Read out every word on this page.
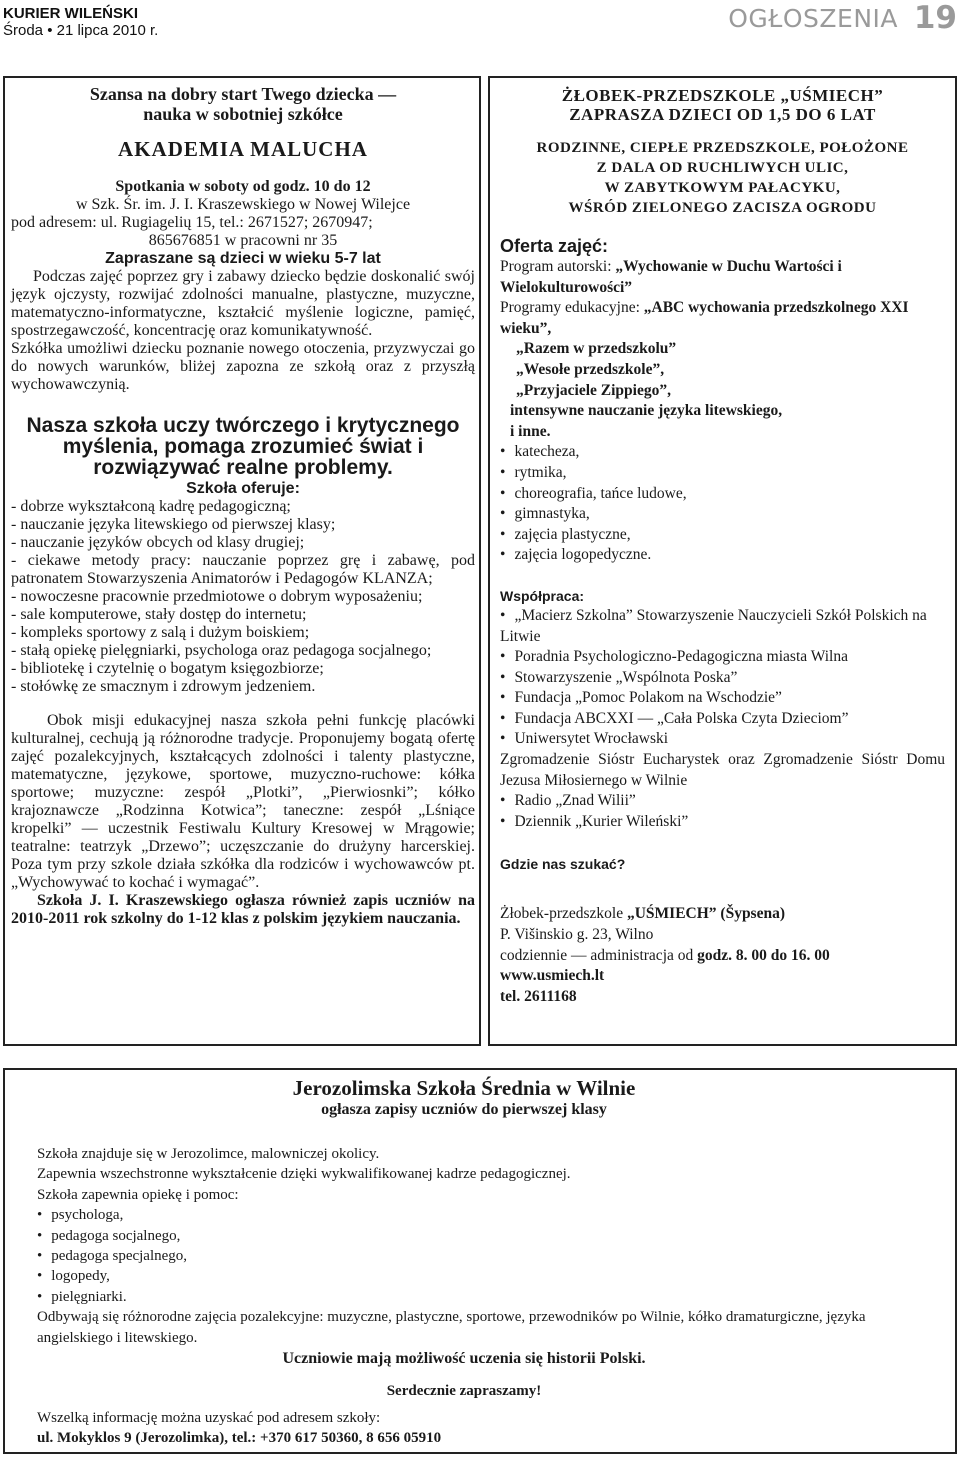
KURIER WILEŃSKI
Środa • 21 lipca 2010 r.	OGŁOSZENIA 19

Szansa na dobry start Twego dziecka —

nauka w sobotniej szkółce

AKADEMIA MALUCHA

Spotkania w soboty od godz. 10 do 12

w Szk. Śr. im. J. I. Kraszewskiego w Nowej Wilejce

pod adresem: ul. Rugiagelių 15, tel.: 2671527; 2670947;

865676851 w pracowni nr 35

Zapraszane są dzieci w wieku 5-7 lat

Podczas zajęć poprzez gry i zabawy dziecko będzie doskonalić swój język ojczysty, rozwijać zdolności manualne, plastyczne, muzyczne, matematyczno-informatyczne, kształcić myślenie logiczne, pamięć, spostrzegawczość, koncentrację oraz komunikatywność.

Szkółka umożliwi dziecku poznanie nowego otoczenia, przyzwyczai go do nowych warunków, bliżej zapozna ze szkołą oraz z przyszłą wychowawczynią.

Nasza szkoła uczy twórczego i krytycznego myślenia, pomaga zrozumieć świat i rozwiązywać realne problemy.

Szkoła oferuje:

- dobrze wykształconą kadrę pedagogiczną;

- nauczanie języka litewskiego od pierwszej klasy;

- nauczanie języków obcych od klasy drugiej;

- ciekawe metody pracy: nauczanie poprzez grę i zabawę, pod patronatem Stowarzyszenia Animatorów i Pedagogów KLANZA;

- nowoczesne pracownie przedmiotowe o dobrym wyposażeniu;

- sale komputerowe, stały dostęp do internetu;

- kompleks sportowy z salą i dużym boiskiem;

- stałą opiekę pielęgniarki, psychologa oraz pedagoga socjalnego;

- bibliotekę i czytelnię o bogatym księgozbiorze;

- stołówkę ze smacznym i zdrowym jedzeniem.

Obok misji edukacyjnej nasza szkoła pełni funkcję placówki kulturalnej, cechują ją różnorodne tradycje. Proponujemy bogatą ofertę zajęć pozalekcyjnych, kształcących zdolności i talenty plastyczne, matematyczne, językowe, sportowe, muzyczno-ruchowe: kółka sportowe; muzyczne: zespół „Plotki”, „Pierwiosnki”; kółko krajoznawcze „Rodzinna Kotwica”; taneczne: zespół „Lśniące kropelki” — uczestnik Festiwalu Kultury Kresowej w Mrągowie; teatralne: teatrzyk „Drzewo”; uczęszczanie do drużyny harcerskiej. Poza tym przy szkole działa szkółka dla rodziców i wychowawców pt. „Wychowywać to kochać i wymagać”.

Szkoła J. I. Kraszewskiego ogłasza również zapis uczniów na 2010-2011 rok szkolny do 1-12 klas z polskim językiem nauczania.

ŻŁOBEK-PRZEDSZKOLE „UŚMIECH”

ZAPRASZA DZIECI OD 1,5 DO 6 LAT

RODZINNE, CIEPŁE PRZEDSZKOLE, POŁOŻONE

Z DALA OD RUCHLIWYCH ULIC,

W ZABYTKOWYM PAŁACYKU,

WŚRÓD ZIELONEGO ZACISZA OGRODU

Oferta zajęć:

Program autorski: „Wychowanie w Duchu Wartości i Wielokulturowości”

Programy edukacyjne: „ABC wychowania przedszkolnego XXI wieku”,

„Razem w przedszkolu”

„Wesołe przedszkole”,

„Przyjaciele Zippiego”,

intensywne nauczanie języka litewskiego,

i inne.

• katecheza,
• rytmika,
• choreografia, tańce ludowe,
• gimnastyka,
• zajęcia plastyczne,
• zajęcia logopedyczne.

Współpraca:

• „Macierz Szkolna” Stowarzyszenie Nauczycieli Szkół Polskich na Litwie
• Poradnia Psychologiczno-Pedagogiczna miasta Wilna
• Stowarzyszenie „Wspólnota Poska”
• Fundacja „Pomoc Polakom na Wschodzie”
• Fundacja ABCXXI — „Cała Polska Czyta Dzieciom”
• Uniwersytet Wrocławski

Zgromadzenie Sióstr Eucharystek oraz Zgromadzenie Sióstr Domu Jezusa Miłosiernego w Wilnie

• Radio „Znad Wilii”
• Dziennik „Kurier Wileński”

Gdzie nas szukać?

Żłobek-przedszkole „UŚMIECH” (Šypsena)

P. Višinskio g. 23, Wilno

codziennie — administracja od godz. 8. 00 do 16. 00

www.usmiech.lt

tel. 2611168

Jerozolimska Szkoła Średnia w Wilnie

ogłasza zapisy uczniów do pierwszej klasy

Szkoła znajduje się w Jerozolimce, malowniczej okolicy.

Zapewnia wszechstronne wykształcenie dzięki wykwalifikowanej kadrze pedagogicznej.

Szkoła zapewnia opiekę i pomoc:

• psychologa,
• pedagoga socjalnego,
• pedagoga specjalnego,
• logopedy,
• pielęgniarki.

Odbywają się różnorodne zajęcia pozalekcyjne: muzyczne, plastyczne, sportowe, przewodników po Wilnie, kółko dramaturgiczne, języka angielskiego i litewskiego.

Uczniowie mają możliwość uczenia się historii Polski.

Serdecznie zapraszamy!

Wszelką informację można uzyskać pod adresem szkoły:

ul. Mokyklos 9 (Jerozolimka), tel.: +370 617 50360, 8 656 05910
